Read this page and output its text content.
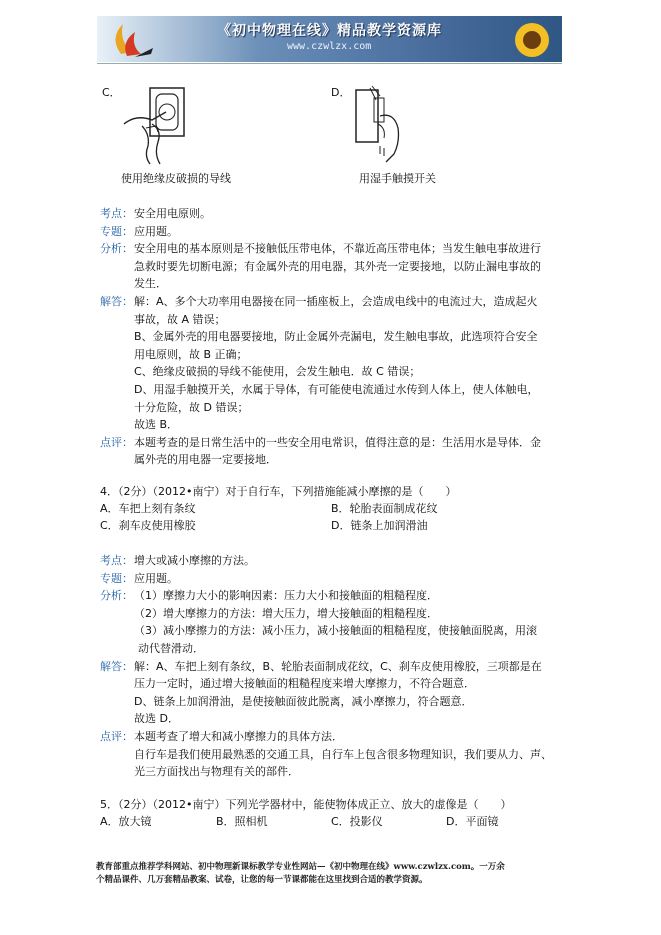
《初中物理在线》精品教学资源库
www.czwlzx.com
C．
使用绝缘皮破损的导线
D．
用湿手触摸开关
考点： 安全用电原则。
专题： 应用题。
分析： 安全用电的基本原则是不接触低压带电体，不靠近高压带电体；当发生触电事故进行
急救时要先切断电源；有金属外壳的用电器，其外壳一定要接地，以防止漏电事故的
发生．
解答： 解：A、多个大功率用电器接在同一插座板上，会造成电线中的电流过大，造成起火
事故，故 A 错误；
B、金属外壳的用电器要接地，防止金属外壳漏电，发生触电事故，此选项符合安全
用电原则，故 B 正确；
C、绝缘皮破损的导线不能使用，会发生触电．故 C 错误；
D、用湿手触摸开关，水属于导体，有可能使电流通过水传到人体上，使人体触电，
十分危险，故 D 错误；
故选 B．
点评： 本题考查的是日常生活中的一些安全用电常识，值得注意的是：生活用水是导体．金
属外壳的用电器一定要接地．
4．（2分）（2012•南宁）对于自行车，下列措施能减小摩擦的是（　　）
A．车把上刻有条纹	B．轮胎表面制成花纹
C．刹车皮使用橡胶	D．链条上加润滑油
考点： 增大或减小摩擦的方法。
专题： 应用题。
分析： （1）摩擦力大小的影响因素：压力大小和接触面的粗糙程度．
（2）增大摩擦力的方法：增大压力，增大接触面的粗糙程度．
（3）减小摩擦力的方法：减小压力，减小接触面的粗糙程度，使接触面脱离，用滚
动代替滑动．
解答： 解：A、车把上刻有条纹，B、轮胎表面制成花纹，C、刹车皮使用橡胶，三项都是在
压力一定时，通过增大接触面的粗糙程度来增大摩擦力，不符合题意．
D、链条上加润滑油，是使接触面彼此脱离，减小摩擦力，符合题意．
故选 D．
点评： 本题考查了增大和减小摩擦力的具体方法．
自行车是我们使用最熟悉的交通工具，自行车上包含很多物理知识，我们要从力、声、
光三方面找出与物理有关的部件．
5．（2分）（2012•南宁）下列光学器材中，能使物体成正立、放大的虚像是（　　）
A．放大镜	B．照相机	C．投影仪	D．平面镜
教育部重点推荐学科网站、初中物理新课标教学专业性网站—《初中物理在线》www.czwlzx.com。一万余
个精品课件、几万套精品教案、试卷，让您的每一节课都能在这里找到合适的教学资源。
